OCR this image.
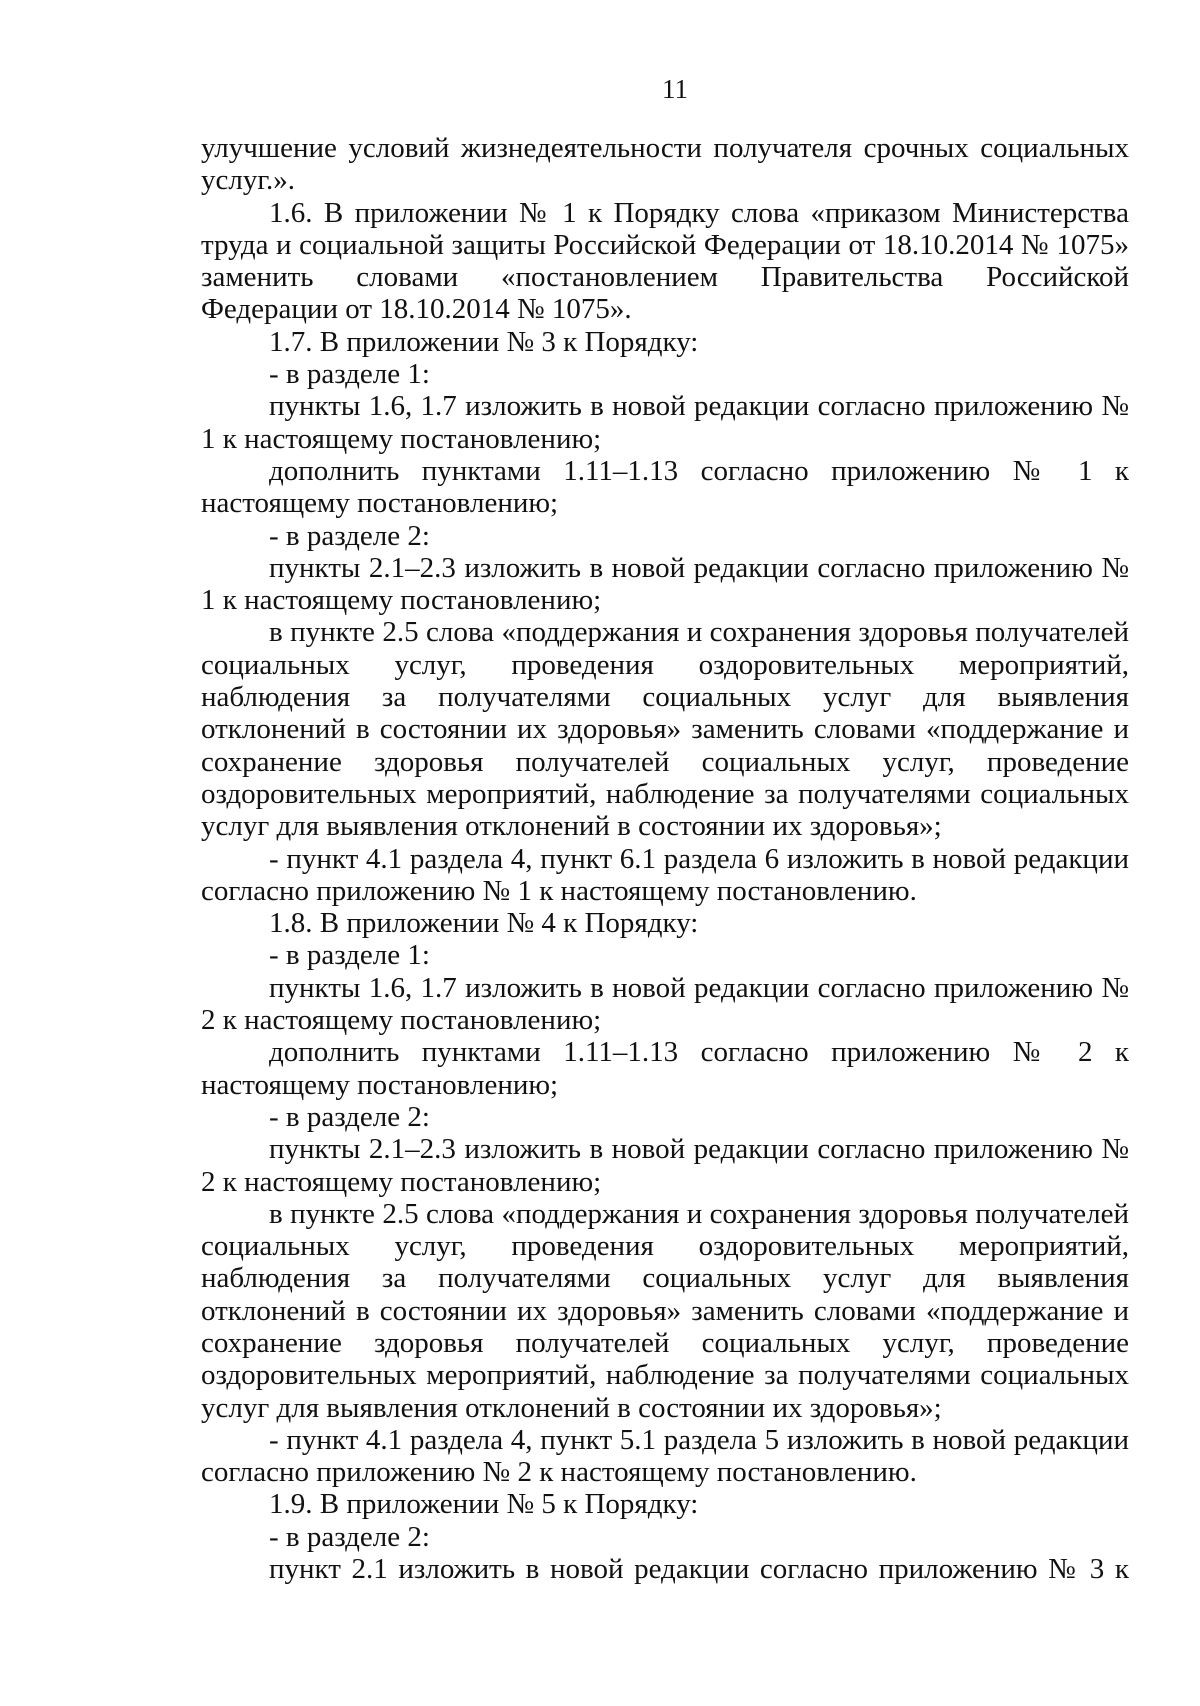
11

улучшение условий жизнедеятельности получателя срочных социальных услуг.».

1.6. В приложении № 1 к Порядку слова «приказом Министерства труда и социальной защиты Российской Федерации от 18.10.2014 № 1075» заменить словами «постановлением Правительства Российской Федерации от 18.10.2014 № 1075».

1.7. В приложении № 3 к Порядку:

- в разделе 1:

пункты 1.6, 1.7 изложить в новой редакции согласно приложению № 1 к настоящему постановлению;

дополнить пунктами 1.11–1.13 согласно приложению № 1 к настоящему постановлению;

- в разделе 2:

пункты 2.1–2.3 изложить в новой редакции согласно приложению № 1 к настоящему постановлению;

в пункте 2.5 слова «поддержания и сохранения здоровья получателей социальных услуг, проведения оздоровительных мероприятий, наблюдения за получателями социальных услуг для выявления отклонений в состоянии их здоровья» заменить словами «поддержание и сохранение здоровья получателей социальных услуг, проведение оздоровительных мероприятий, наблюдение за получателями социальных услуг для выявления отклонений в состоянии их здоровья»;

- пункт 4.1 раздела 4, пункт 6.1 раздела 6 изложить в новой редакции согласно приложению № 1 к настоящему постановлению.

1.8. В приложении № 4 к Порядку:

- в разделе 1:

пункты 1.6, 1.7 изложить в новой редакции согласно приложению № 2 к настоящему постановлению;

дополнить пунктами 1.11–1.13 согласно приложению № 2 к настоящему постановлению;

- в разделе 2:

пункты 2.1–2.3 изложить в новой редакции согласно приложению № 2 к настоящему постановлению;

в пункте 2.5 слова «поддержания и сохранения здоровья получателей социальных услуг, проведения оздоровительных мероприятий, наблюдения за получателями социальных услуг для выявления отклонений в состоянии их здоровья» заменить словами «поддержание и сохранение здоровья получателей социальных услуг, проведение оздоровительных мероприятий, наблюдение за получателями социальных услуг для выявления отклонений в состоянии их здоровья»;

- пункт 4.1 раздела 4, пункт 5.1 раздела 5 изложить в новой редакции согласно приложению № 2 к настоящему постановлению.

1.9. В приложении № 5 к Порядку:

- в разделе 2:

пункт 2.1 изложить в новой редакции согласно приложению № 3 к
